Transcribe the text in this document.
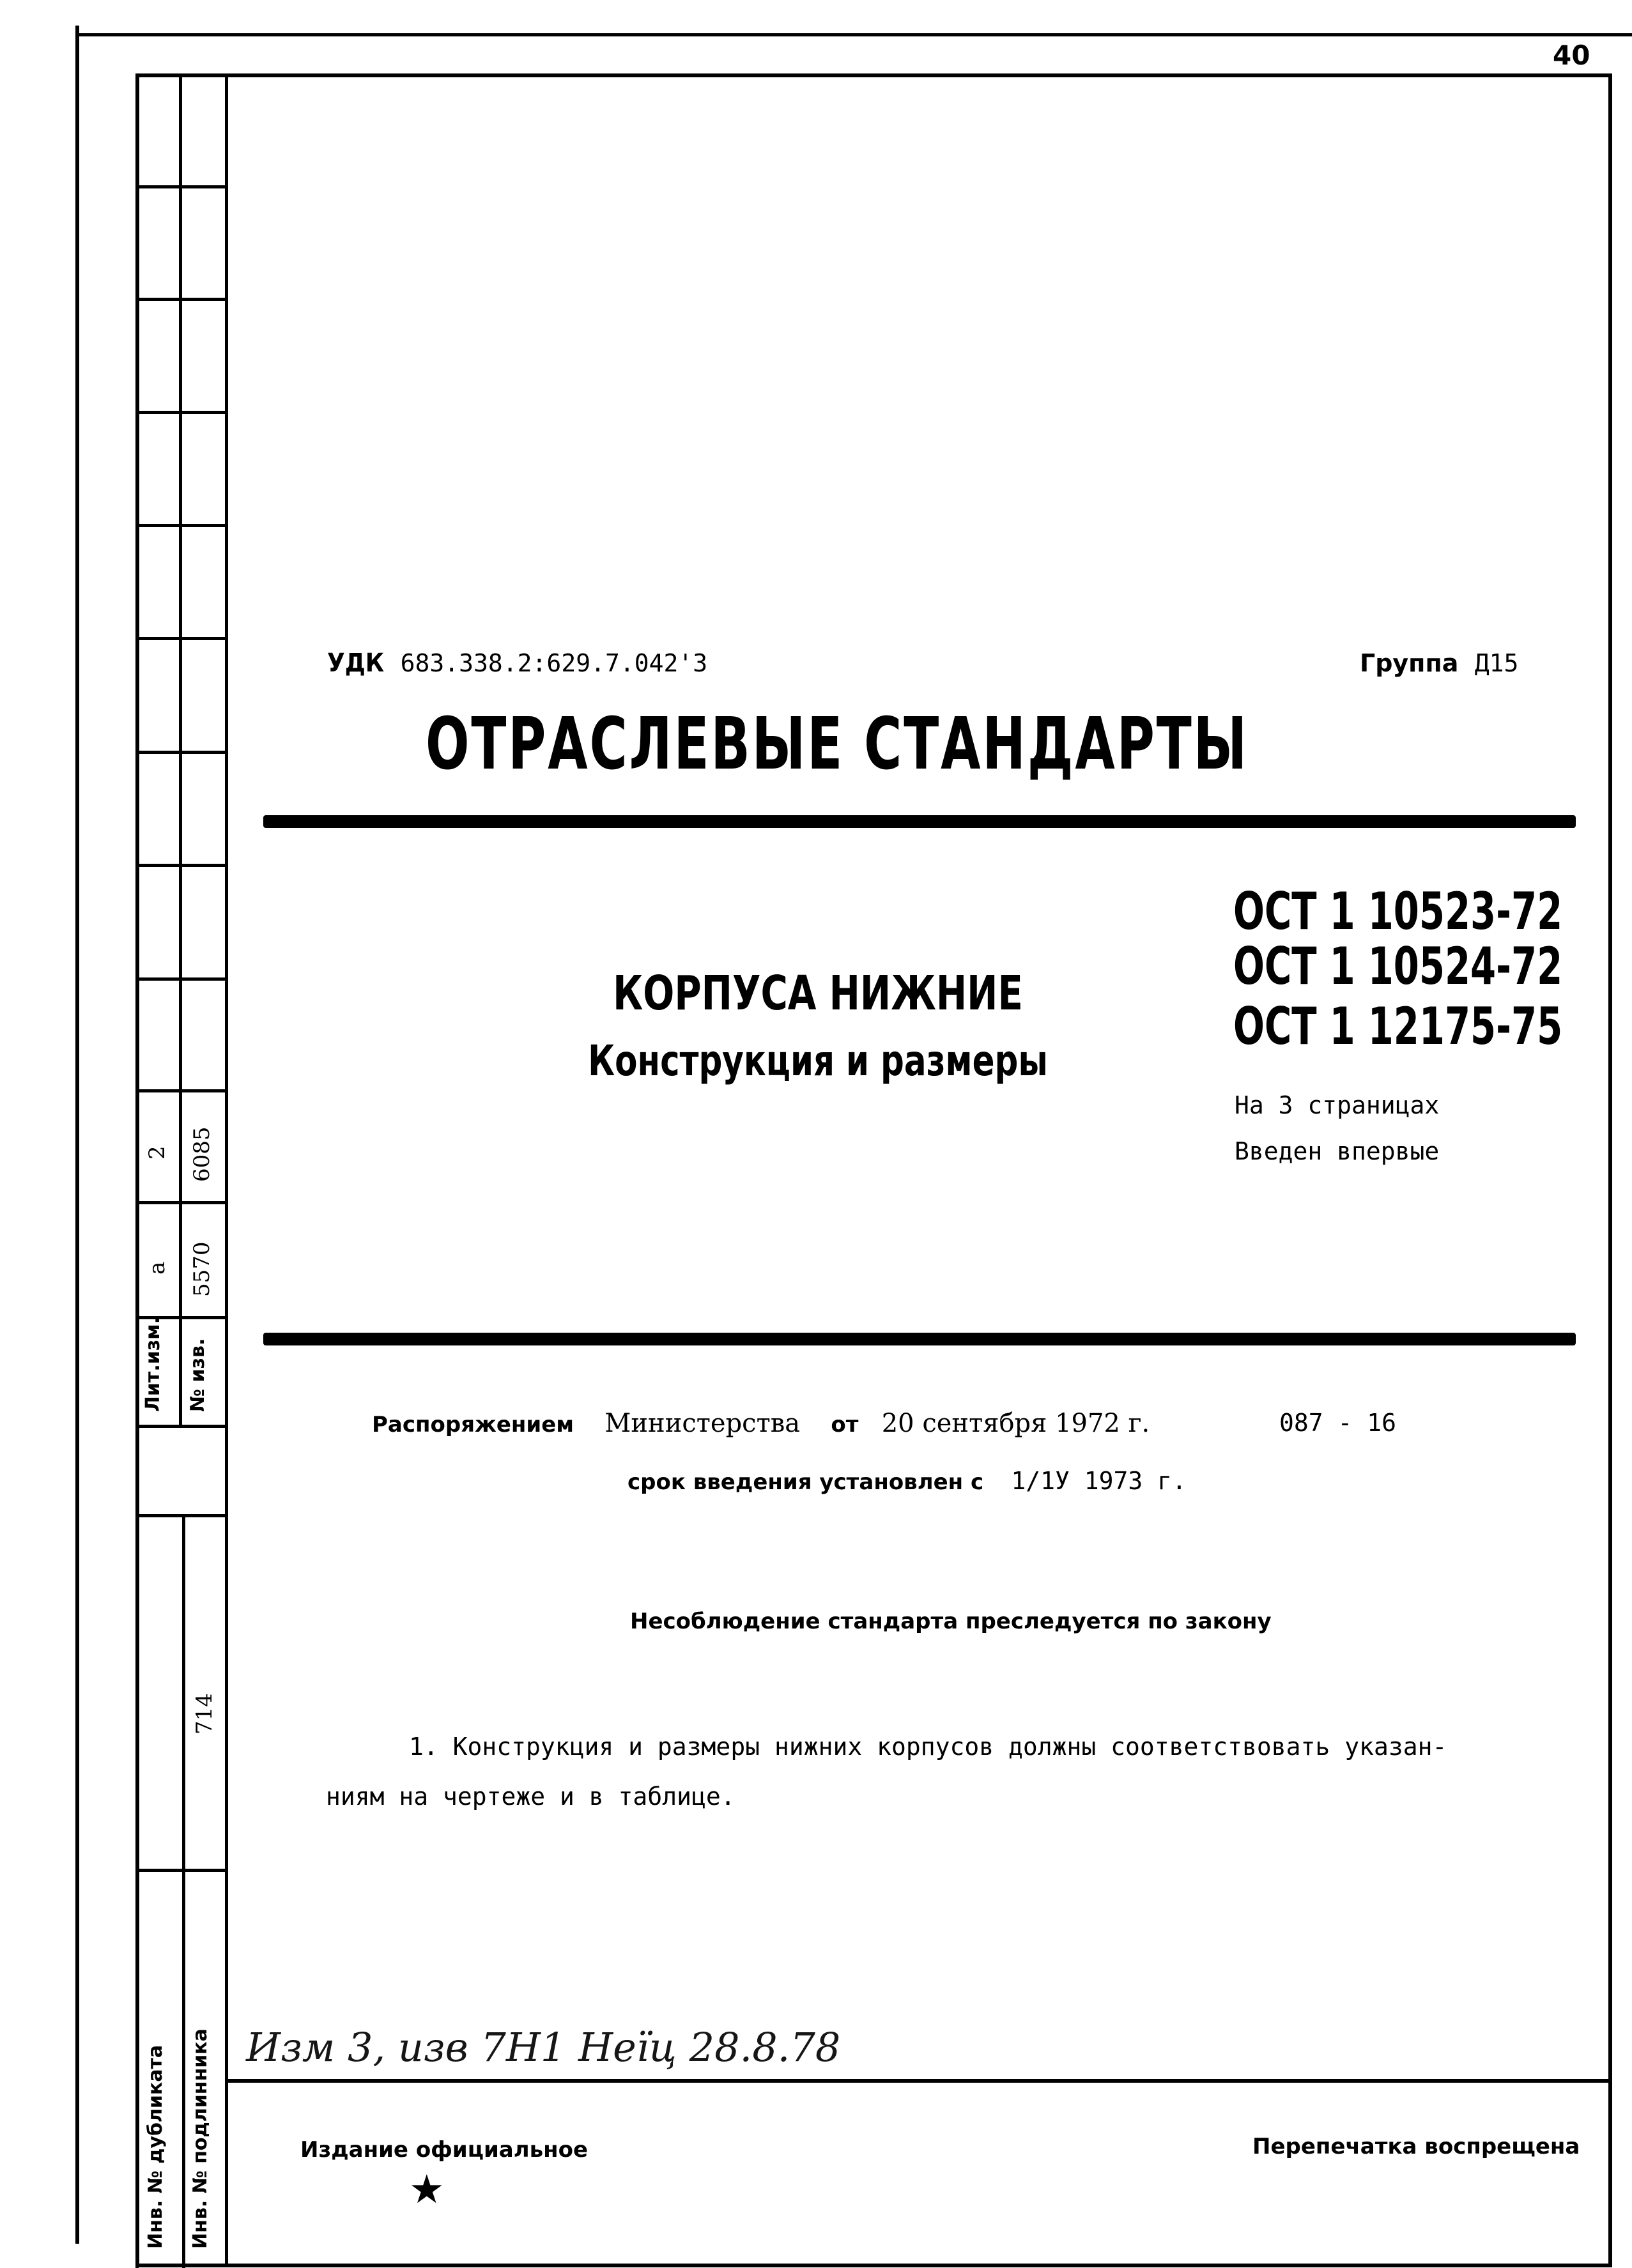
Лит.изм. № изв.
а
2
5570
6085
Инв. № дубликата Инв. № подлинника
714
40
УДК 683.338.2:629.7.042'3	Группа Д15
ОТРАСЛЕВЫЕ СТАНДАРТЫ
ОСТ 1 10523-72
ОСТ 1 10524-72
ОСТ 1 12175-75
КОРПУСА НИЖНИЕ
Конструкция и размеры
На 3 страницах
Введен впервые
Распоряжением Министерства от 20 сентября 1972 г.	087 - 16
срок введения установлен с 1/1У 1973 г.
Несоблюдение стандарта преследуется по закону
1. Конструкция и размеры нижних корпусов должны соответствовать указан-
ниям на чертеже и в таблице.
Изм 3, изв 7Н1 Неїц 28.8.78
Издание официальное	Перепечатка воспрещена
★
